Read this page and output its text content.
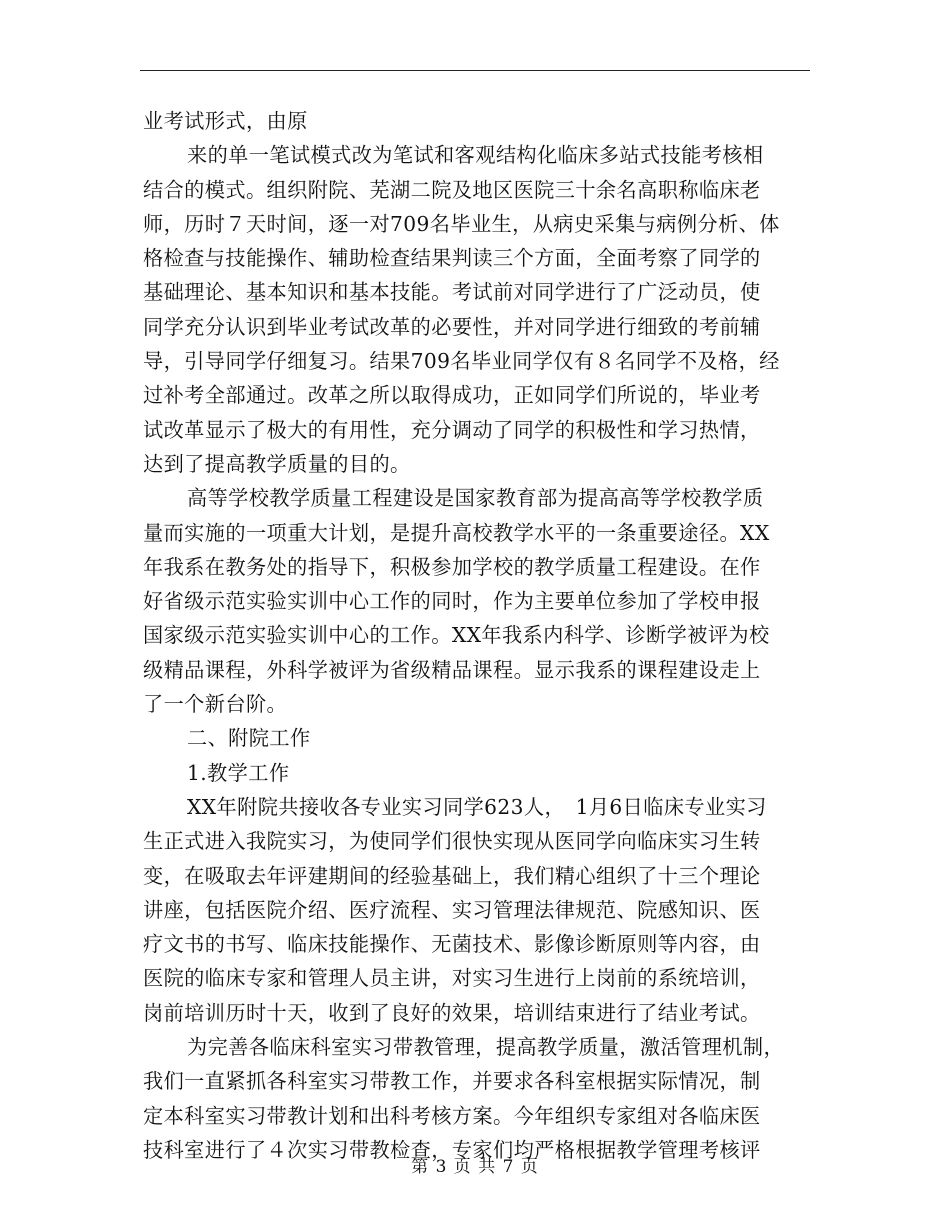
业考试形式，由原

来的单一笔试模式改为笔试和客观结构化临床多站式技能考核相

结合的模式。组织附院、芜湖二院及地区医院三十余名高职称临床老

师，历时７天时间，逐一对709名毕业生，从病史采集与病例分析、体

格检查与技能操作、辅助检查结果判读三个方面，全面考察了同学的

基础理论、基本知识和基本技能。考试前对同学进行了广泛动员，使

同学充分认识到毕业考试改革的必要性，并对同学进行细致的考前辅

导，引导同学仔细复习。结果709名毕业同学仅有８名同学不及格，经

过补考全部通过。改革之所以取得成功，正如同学们所说的，毕业考

试改革显示了极大的有用性，充分调动了同学的积极性和学习热情，

达到了提高教学质量的目的。

高等学校教学质量工程建设是国家教育部为提高高等学校教学质

量而实施的一项重大计划，是提升高校教学水平的一条重要途径。XX

年我系在教务处的指导下，积极参加学校的教学质量工程建设。在作

好省级示范实验实训中心工作的同时，作为主要单位参加了学校申报

国家级示范实验实训中心的工作。XX年我系内科学、诊断学被评为校

级精品课程，外科学被评为省级精品课程。显示我系的课程建设走上

了一个新台阶。

二、附院工作

1.教学工作

XX年附院共接收各专业实习同学623人，　1月6日临床专业实习

生正式进入我院实习，为使同学们很快实现从医同学向临床实习生转

变，在吸取去年评建期间的经验基础上，我们精心组织了十三个理论

讲座，包括医院介绍、医疗流程、实习管理法律规范、院感知识、医

疗文书的书写、临床技能操作、无菌技术、影像诊断原则等内容，由

医院的临床专家和管理人员主讲，对实习生进行上岗前的系统培训，

岗前培训历时十天，收到了良好的效果，培训结束进行了结业考试。

为完善各临床科室实习带教管理，提高教学质量，激活管理机制，

我们一直紧抓各科室实习带教工作，并要求各科室根据实际情况，制

定本科室实习带教计划和出科考核方案。今年组织专家组对各临床医

技科室进行了４次实习带教检查，专家们均严格根据教学管理考核评

第 3 页 共 7 页
